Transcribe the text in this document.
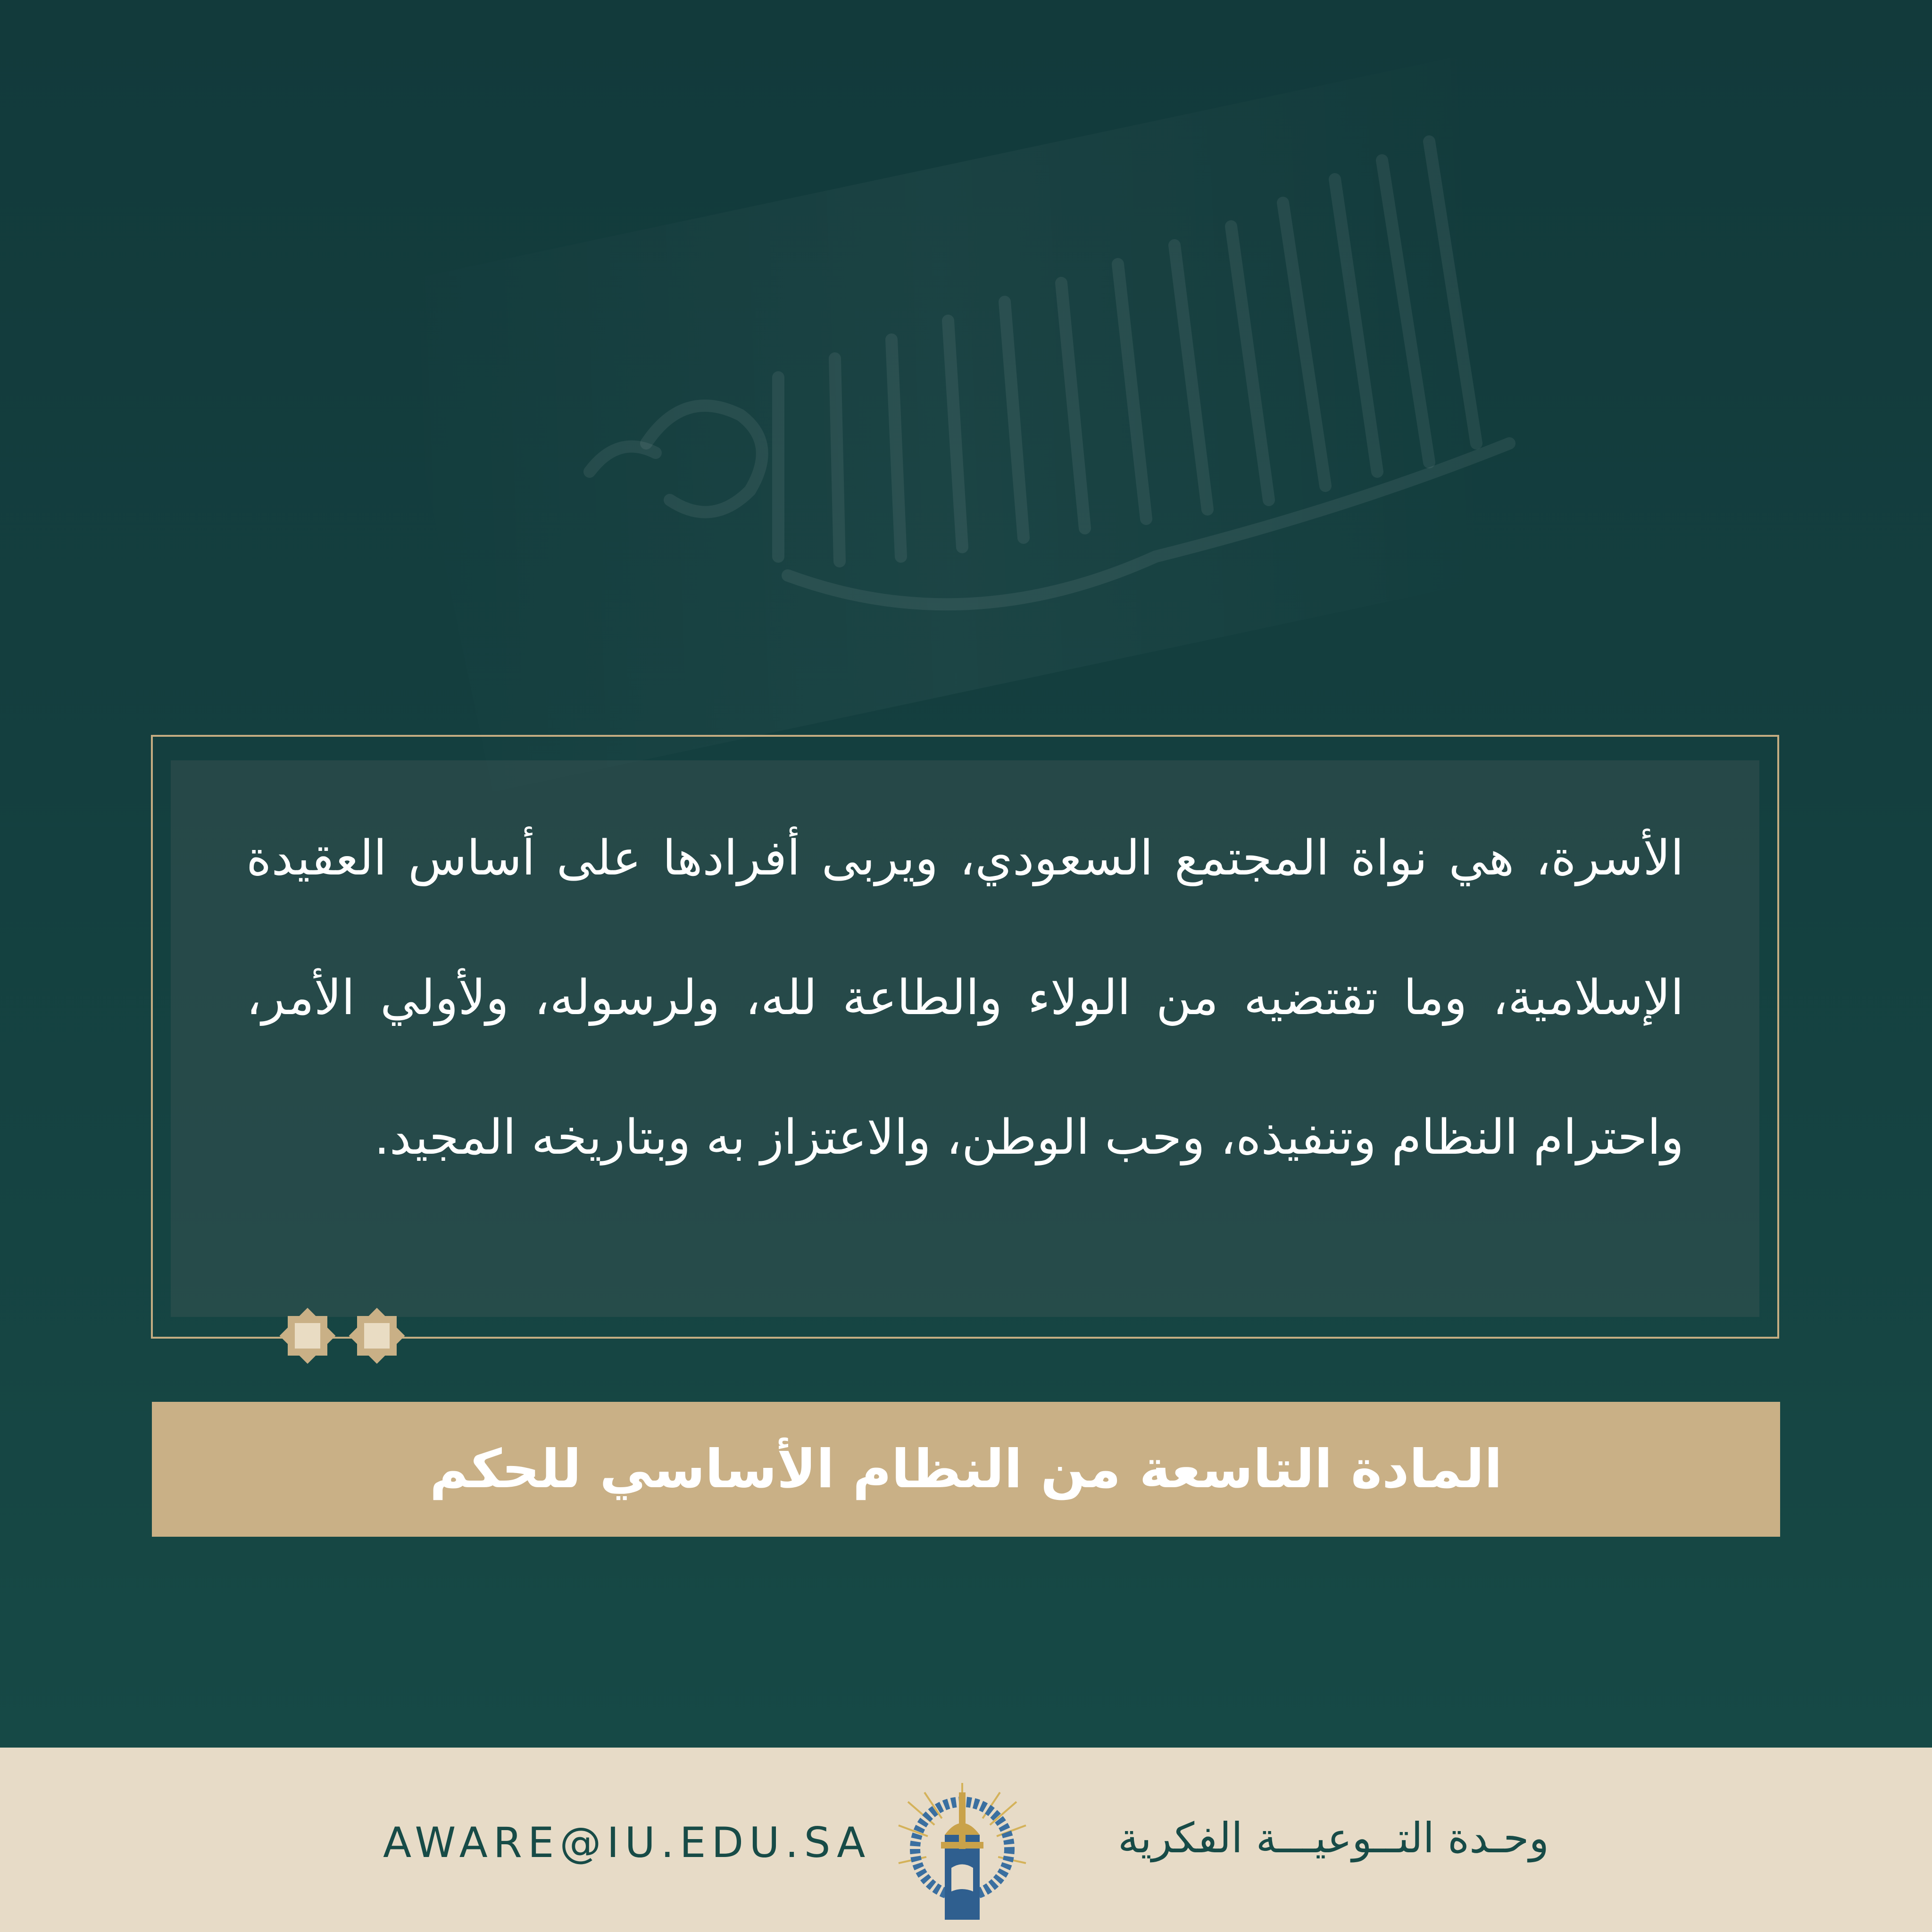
الأسرة، هي نواة المجتمع السعودي، ويربى أفرادها على أساس العقيدة الإسلامية، وما تقتضيه من الولاء والطاعة لله، ولرسوله، ولأولي الأمر، واحترام النظام وتنفيذه، وحب الوطن، والاعتزاز به وبتاريخه المجيد.

المادة التاسعة من النظام الأساسي للحكم
AWARE@IU.EDU.SA	وحـدة التــوعيـــة الفكرية
